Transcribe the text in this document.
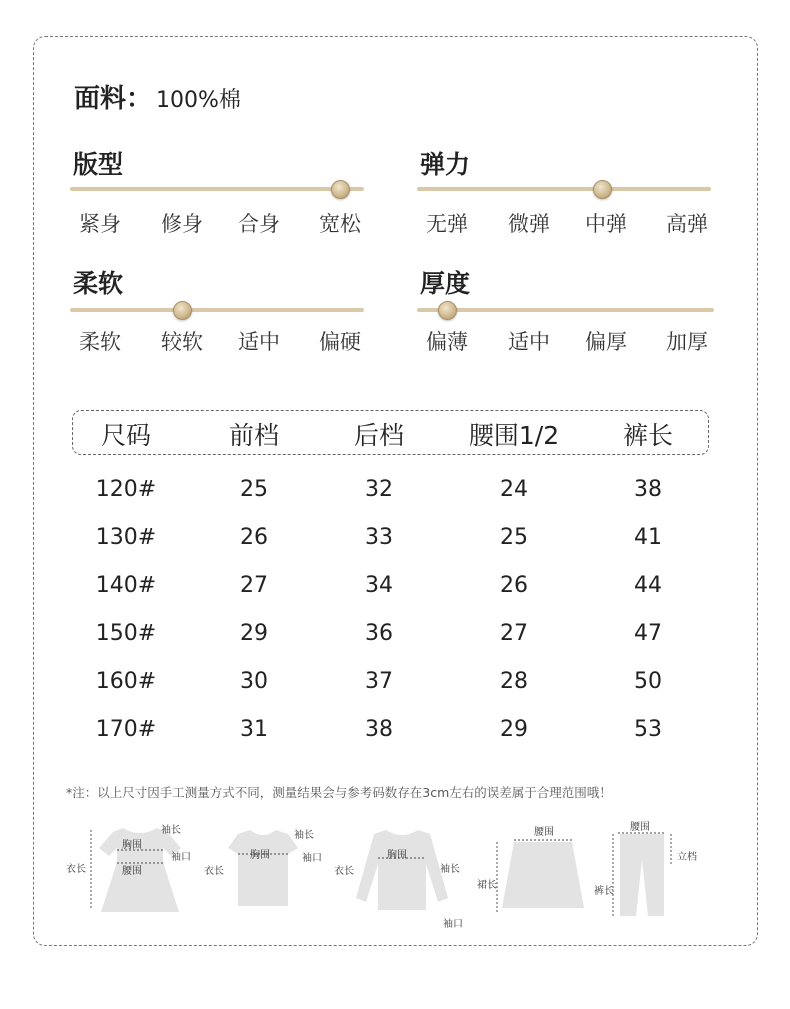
面料： 100%棉
版型
紧身	修身	合身	宽松
弹力
无弹	微弹	中弹	高弹
柔软
柔软	较软	适中	偏硬
厚度
偏薄	适中	偏厚	加厚
尺码	前档	后档	腰围1/2	裤长
120#	25	32	24	38
130#	26	33	25	41
140#	27	34	26	44
150#	29	36	27	47
160#	30	37	28	50
170#	31	38	29	53
*注：以上尺寸因手工测量方式不同，测量结果会与参考码数存在3cm左右的误差属于合理范围哦！
袖长
胸围
袖口
衣长	腰围
袖长
胸围	袖口
衣长	衣长
胸围
袖长
袖口
腰围
裙长
腰围
立档
裤长
